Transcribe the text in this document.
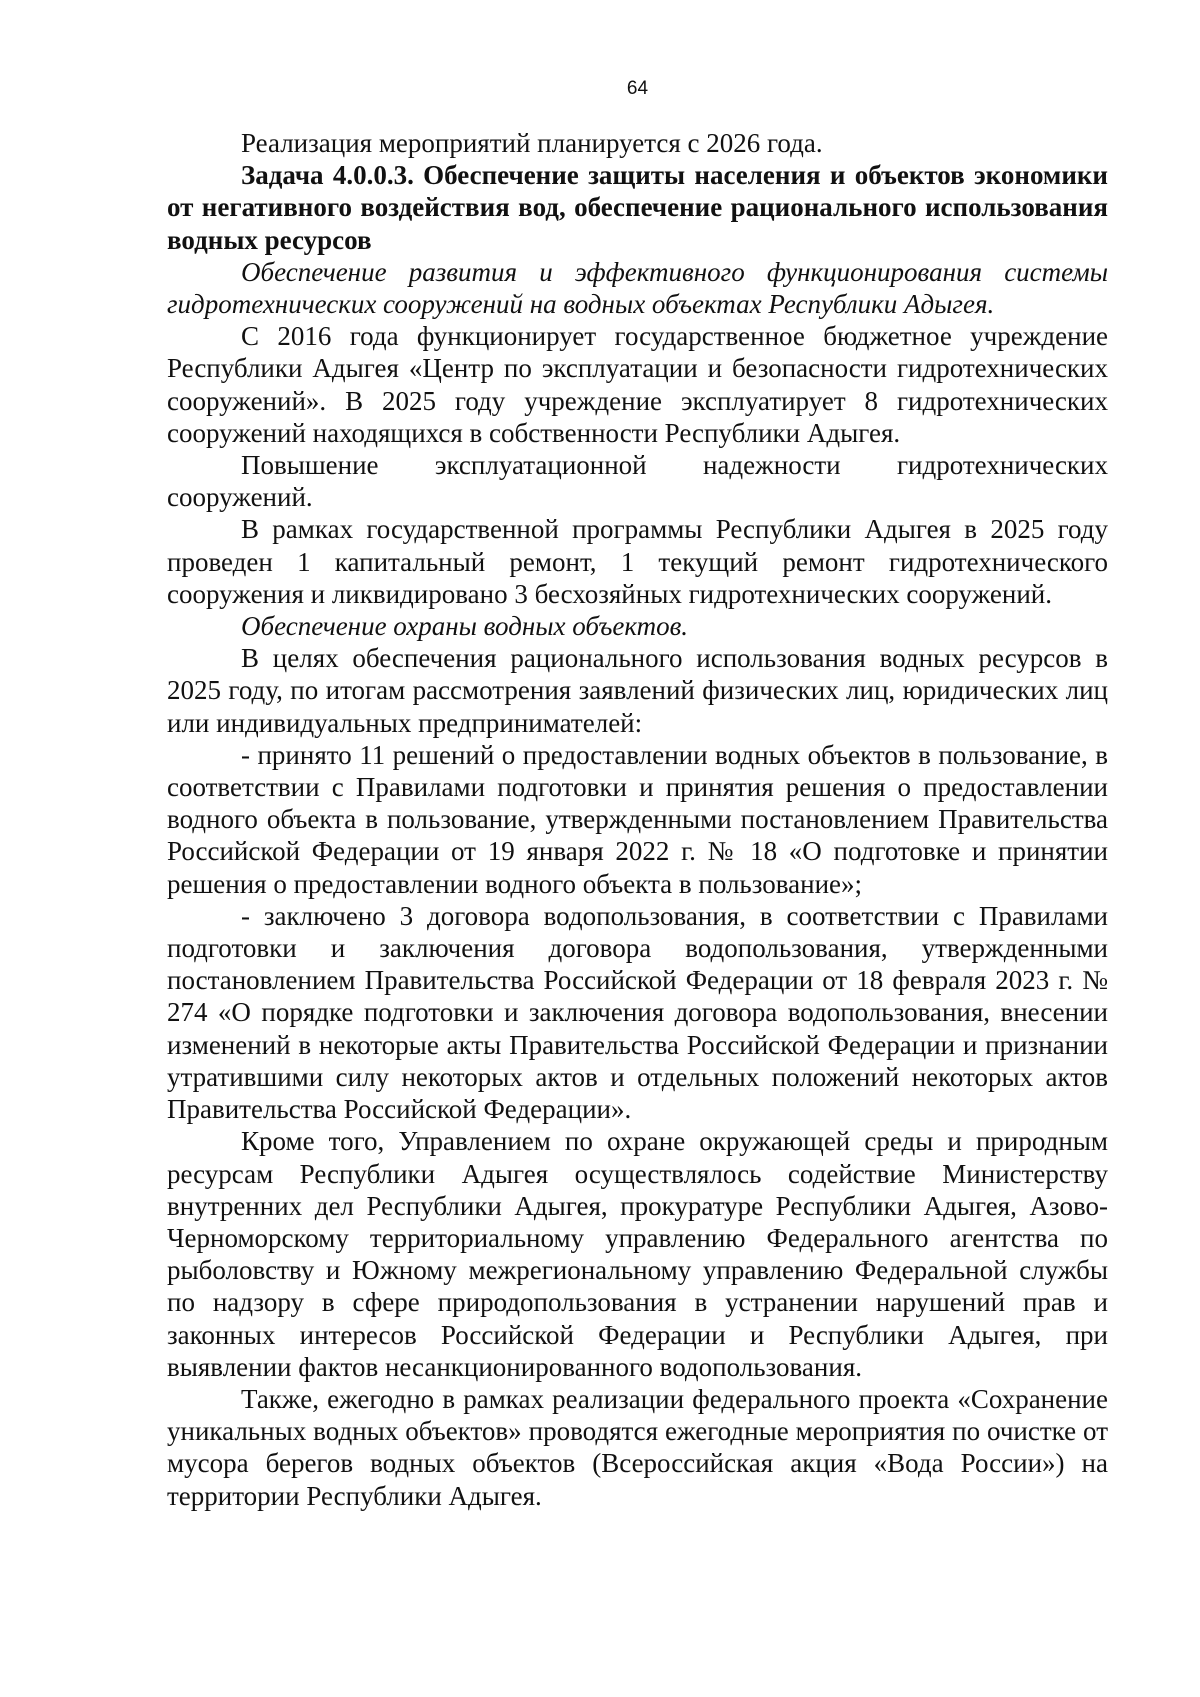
64

Реализация мероприятий планируется с 2026 года.

Задача 4.0.0.3. Обеспечение защиты населения и объектов экономики от негативного воздействия вод, обеспечение рационального использования водных ресурсов

Обеспечение развития и эффективного функционирования системы гидротехнических сооружений на водных объектах Республики Адыгея.

С 2016 года функционирует государственное бюджетное учреждение Республики Адыгея «Центр по эксплуатации и безопасности гидротехнических сооружений». В 2025 году учреждение эксплуатирует 8 гидротехнических сооружений находящихся в собственности Республики Адыгея.

Повышение эксплуатационной надежности гидротехнических сооружений.

В рамках государственной программы Республики Адыгея в 2025 году проведен 1 капитальный ремонт, 1 текущий ремонт гидротехнического сооружения и ликвидировано 3 бесхозяйных гидротехнических сооружений.

Обеспечение охраны водных объектов.

В целях обеспечения рационального использования водных ресурсов в 2025 году, по итогам рассмотрения заявлений физических лиц, юридических лиц или индивидуальных предпринимателей:

- принято 11 решений о предоставлении водных объектов в пользование, в соответствии с Правилами подготовки и принятия решения о предоставлении водного объекта в пользование, утвержденными постановлением Правительства Российской Федерации от 19 января 2022 г. № 18 «О подготовке и принятии решения о предоставлении водного объекта в пользование»;

- заключено 3 договора водопользования, в соответствии с Правилами подготовки и заключения договора водопользования, утвержденными постановлением Правительства Российской Федерации от 18 февраля 2023 г. № 274 «О порядке подготовки и заключения договора водопользования, внесении изменений в некоторые акты Правительства Российской Федерации и признании утратившими силу некоторых актов и отдельных положений некоторых актов Правительства Российской Федерации».

Кроме того, Управлением по охране окружающей среды и природным ресурсам Республики Адыгея осуществлялось содействие Министерству внутренних дел Республики Адыгея, прокуратуре Республики Адыгея, Азово-Черноморскому территориальному управлению Федерального агентства по рыболовству и Южному межрегиональному управлению Федеральной службы по надзору в сфере природопользования в устранении нарушений прав и законных интересов Российской Федерации и Республики Адыгея, при выявлении фактов несанкционированного водопользования.

Также, ежегодно в рамках реализации федерального проекта «Сохранение уникальных водных объектов» проводятся ежегодные мероприятия по очистке от мусора берегов водных объектов (Всероссийская акция «Вода России») на территории Республики Адыгея.
